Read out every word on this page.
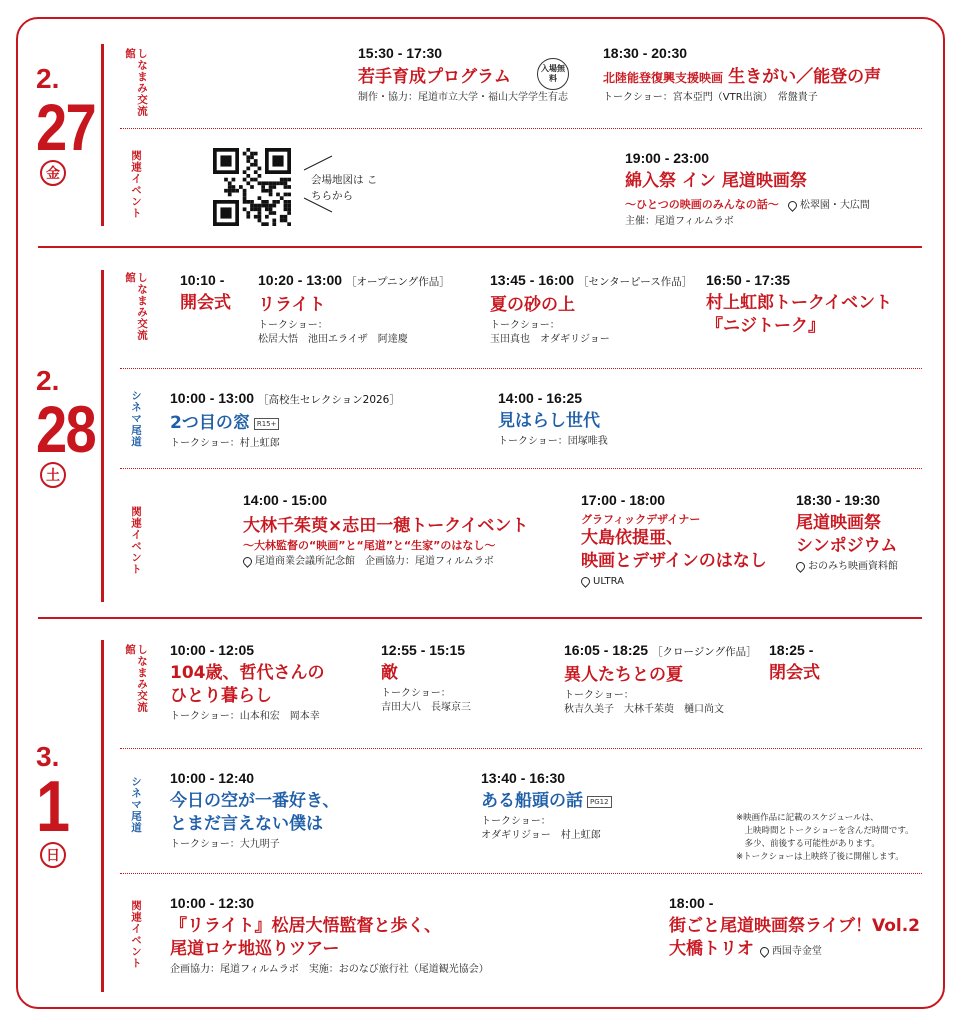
2.
27
金
2.
28
土
3.
1
日
しなまみ交流館
関連イベント
しなまみ交流館
シネマ尾道
関連イベント
しなまみ交流館
シネマ尾道
関連イベント
15:30 - 17:30
若手育成プログラム
制作・協力：尾道市立大学・福山大学学生有志
入場無料
18:30 - 20:30
北陸能登復興支援映画 生きがい／能登の声
トークショー：宮本亞門（VTR出演）　常盤貴子
会場地図は こちらから
19:00 - 23:00
綿入祭 イン 尾道映画祭
～ひとつの映画のみんなの話～ 松翠園・大広間
主催：尾道フィルムラボ
10:10 -
開会式
10:20 - 13:00 ［オープニング作品］
リライト
トークショー：
松居大悟　池田エライザ　阿達慶
13:45 - 16:00 ［センターピース作品］
夏の砂の上
トークショー：
玉田真也　オダギリジョー
16:50 - 17:35
村上虹郎トークイベント
『ニジトーク』
10:00 - 13:00 ［高校生セレクション2026］
2つ目の窓 R15+
トークショー：村上虹郎
14:00 - 16:25
見はらし世代
トークショー：団塚唯我
14:00 - 15:00
大林千茱萸×志田一穂トークイベント
～大林監督の“映画”と“尾道”と“生家”のはなし～
尾道商業会議所記念館　 企画協力：尾道フィルムラボ
17:00 - 18:00
グラフィックデザイナー
大島依提亜、
映画とデザインのはなし
ULTRA
18:30 - 19:30
尾道映画祭
シンポジウム
おのみち映画資料館
10:00 - 12:05
104歳、哲代さんの
ひとり暮らし
トークショー：山本和宏　岡本幸
12:55 - 15:15
敵
トークショー：
吉田大八　長塚京三
16:05 - 18:25 ［クロージング作品］
異人たちとの夏
トークショー：
秋吉久美子　大林千茱萸　樋口尚文
18:25 -
閉会式
10:00 - 12:40
今日の空が一番好き、
とまだ言えない僕は
トークショー：大九明子
13:40 - 16:30
ある船頭の話 PG12
トークショー：
オダギリジョー　村上虹郎
※映画作品に記載のスケジュールは、
　上映時間とトークショーを含んだ時間です。
　多少、前後する可能性があります。
※トークショーは上映終了後に開催します。
10:00 - 12:30
『リライト』松居大悟監督と歩く、
尾道ロケ地巡りツアー
企画協力：尾道フィルムラボ　実施：おのなび旅行社（尾道観光協会）
18:00 -
街ごと尾道映画祭ライブ！Vol.2
大橋トリオ 西国寺金堂
